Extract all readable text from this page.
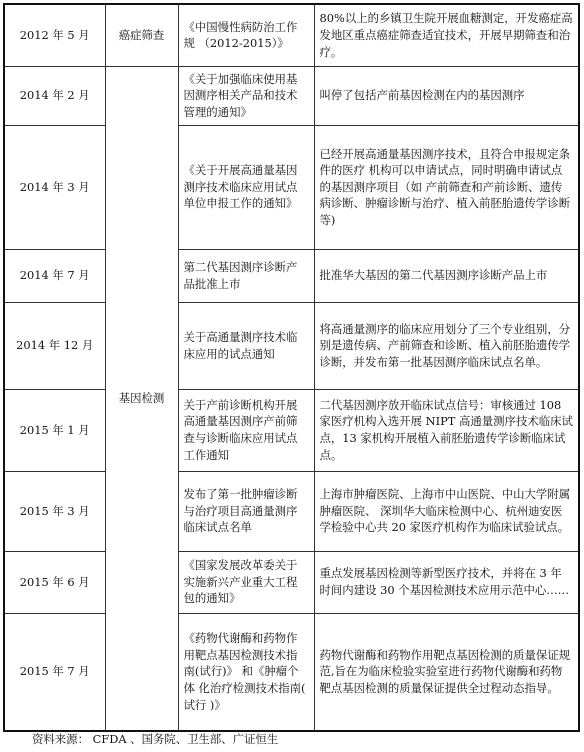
2012 年 5 月	癌症筛查	《中国慢性病防治工作规 （2012-2015）》	80%以上的乡镇卫生院开展血糖测定，开发癌症高发地区重点癌症筛查适宜技术，开展早期筛查和治疗。
2014 年 2 月	基因检测	《关于加强临床使用基因测序相关产品和技术管理的通知》	叫停了包括产前基因检测在内的基因测序
2014 年 3 月		《关于开展高通量基因测序技术临床应用试点单位申报工作的通知》	已经开展高通量基因测序技术，且符合申报规定条件的医疗 机构可以申请试点，同时明确申请试点的基因测序项目（如 产前筛查和产前诊断、遗传病诊断、肿瘤诊断与治疗、植入前胚胎遗传学诊断等)
2014 年 7 月		第二代基因测序诊断产品批准上市	批准华大基因的第二代基因测序诊断产品上市
2014 年 12 月		关于高通量测序技术临床应用的试点通知	将高通量测序的临床应用划分了三个专业组别，分别是遗传病、产前筛查和诊断、植入前胚胎遗传学诊断，并发布第一批基因测序临床试点名单。
2015 年 1 月		关于产前诊断机构开展高通量基因测序产前筛查与诊断临床应用试点 工作通知	二代基因测序放开临床试点信号：审核通过 108 家医疗机构入选开展 NIPT 高通量测序技术临床试点，13 家机构开展植入前胚胎遗传学诊断临床试点。
2015 年 3 月		发布了第一批肿瘤诊断与治疗项目高通量测序临床试点名单	上海市肿瘤医院、上海市中山医院、中山大学附属肿瘤医院、 深圳华大临床检测中心、杭州迪安医学检验中心共 20 家医疗机构作为临床试验试点。
2015 年 6 月		《国家发展改革委关于实施新兴产业重大工程包的通知》	重点发展基因检测等新型医疗技术，并将在 3 年时间内建设 30 个基因检测技术应用示范中心……
2015 年 7 月		《药物代谢酶和药物作用靶点基因检测技术指南(试行)》 和《肿瘤个体 化治疗检测技术指南( 试行 )》	药物代谢酶和药物作用靶点基因检测的质量保证规范,旨在为临床检验实验室进行药物代谢酶和药物靶点基因检测的质量保证提供全过程动态指导。
资料来源： CFDA 、国务院、卫生部、广证恒生
